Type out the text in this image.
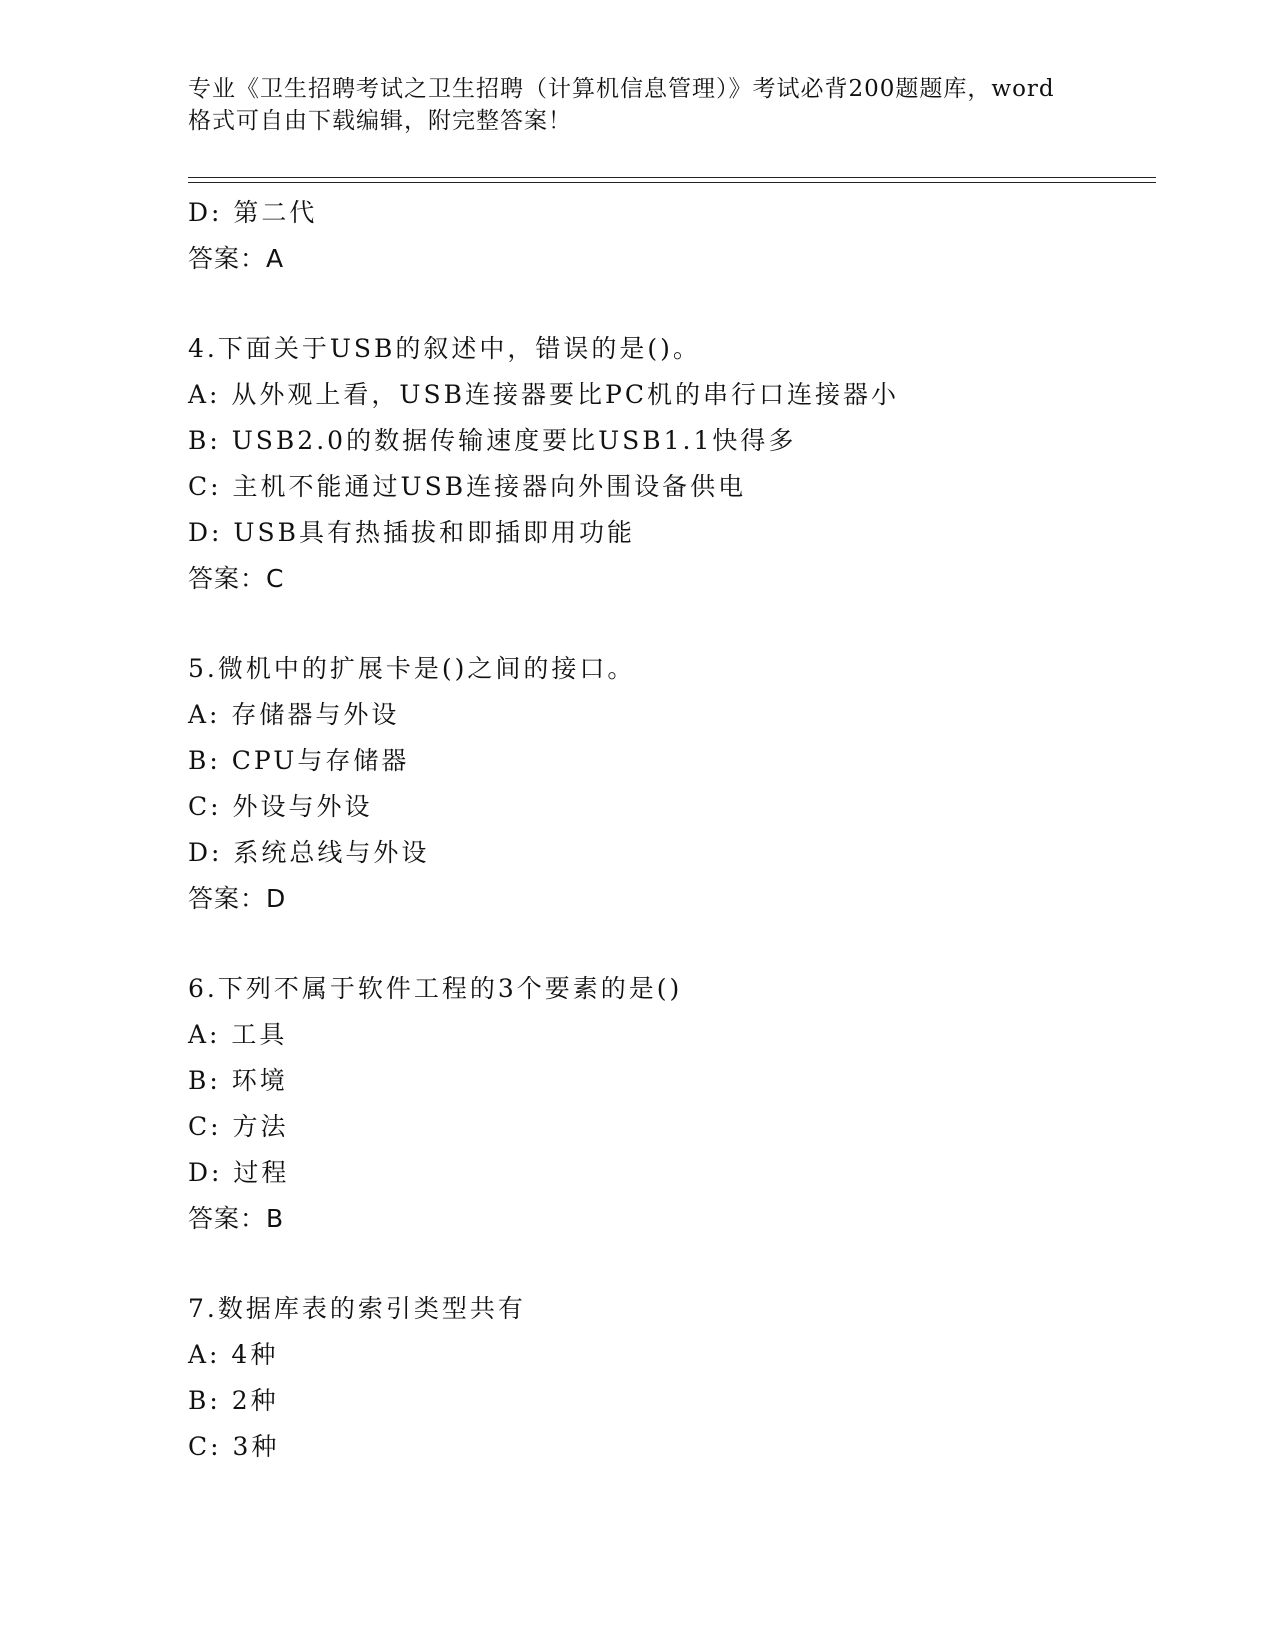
专业《卫生招聘考试之卫生招聘（计算机信息管理）》考试必背200题题库，word
格式可自由下载编辑，附完整答案！
D: 第二代
答案：A
4.下面关于USB的叙述中，错误的是()。
A: 从外观上看，USB连接器要比PC机的串行口连接器小
B: USB2.0的数据传输速度要比USB1.1快得多
C: 主机不能通过USB连接器向外围设备供电
D: USB具有热插拔和即插即用功能
答案：C
5.微机中的扩展卡是()之间的接口。
A: 存储器与外设
B: CPU与存储器
C: 外设与外设
D: 系统总线与外设
答案：D
6.下列不属于软件工程的3个要素的是()
A: 工具
B: 环境
C: 方法
D: 过程
答案：B
7.数据库表的索引类型共有
A: 4种
B: 2种
C: 3种
